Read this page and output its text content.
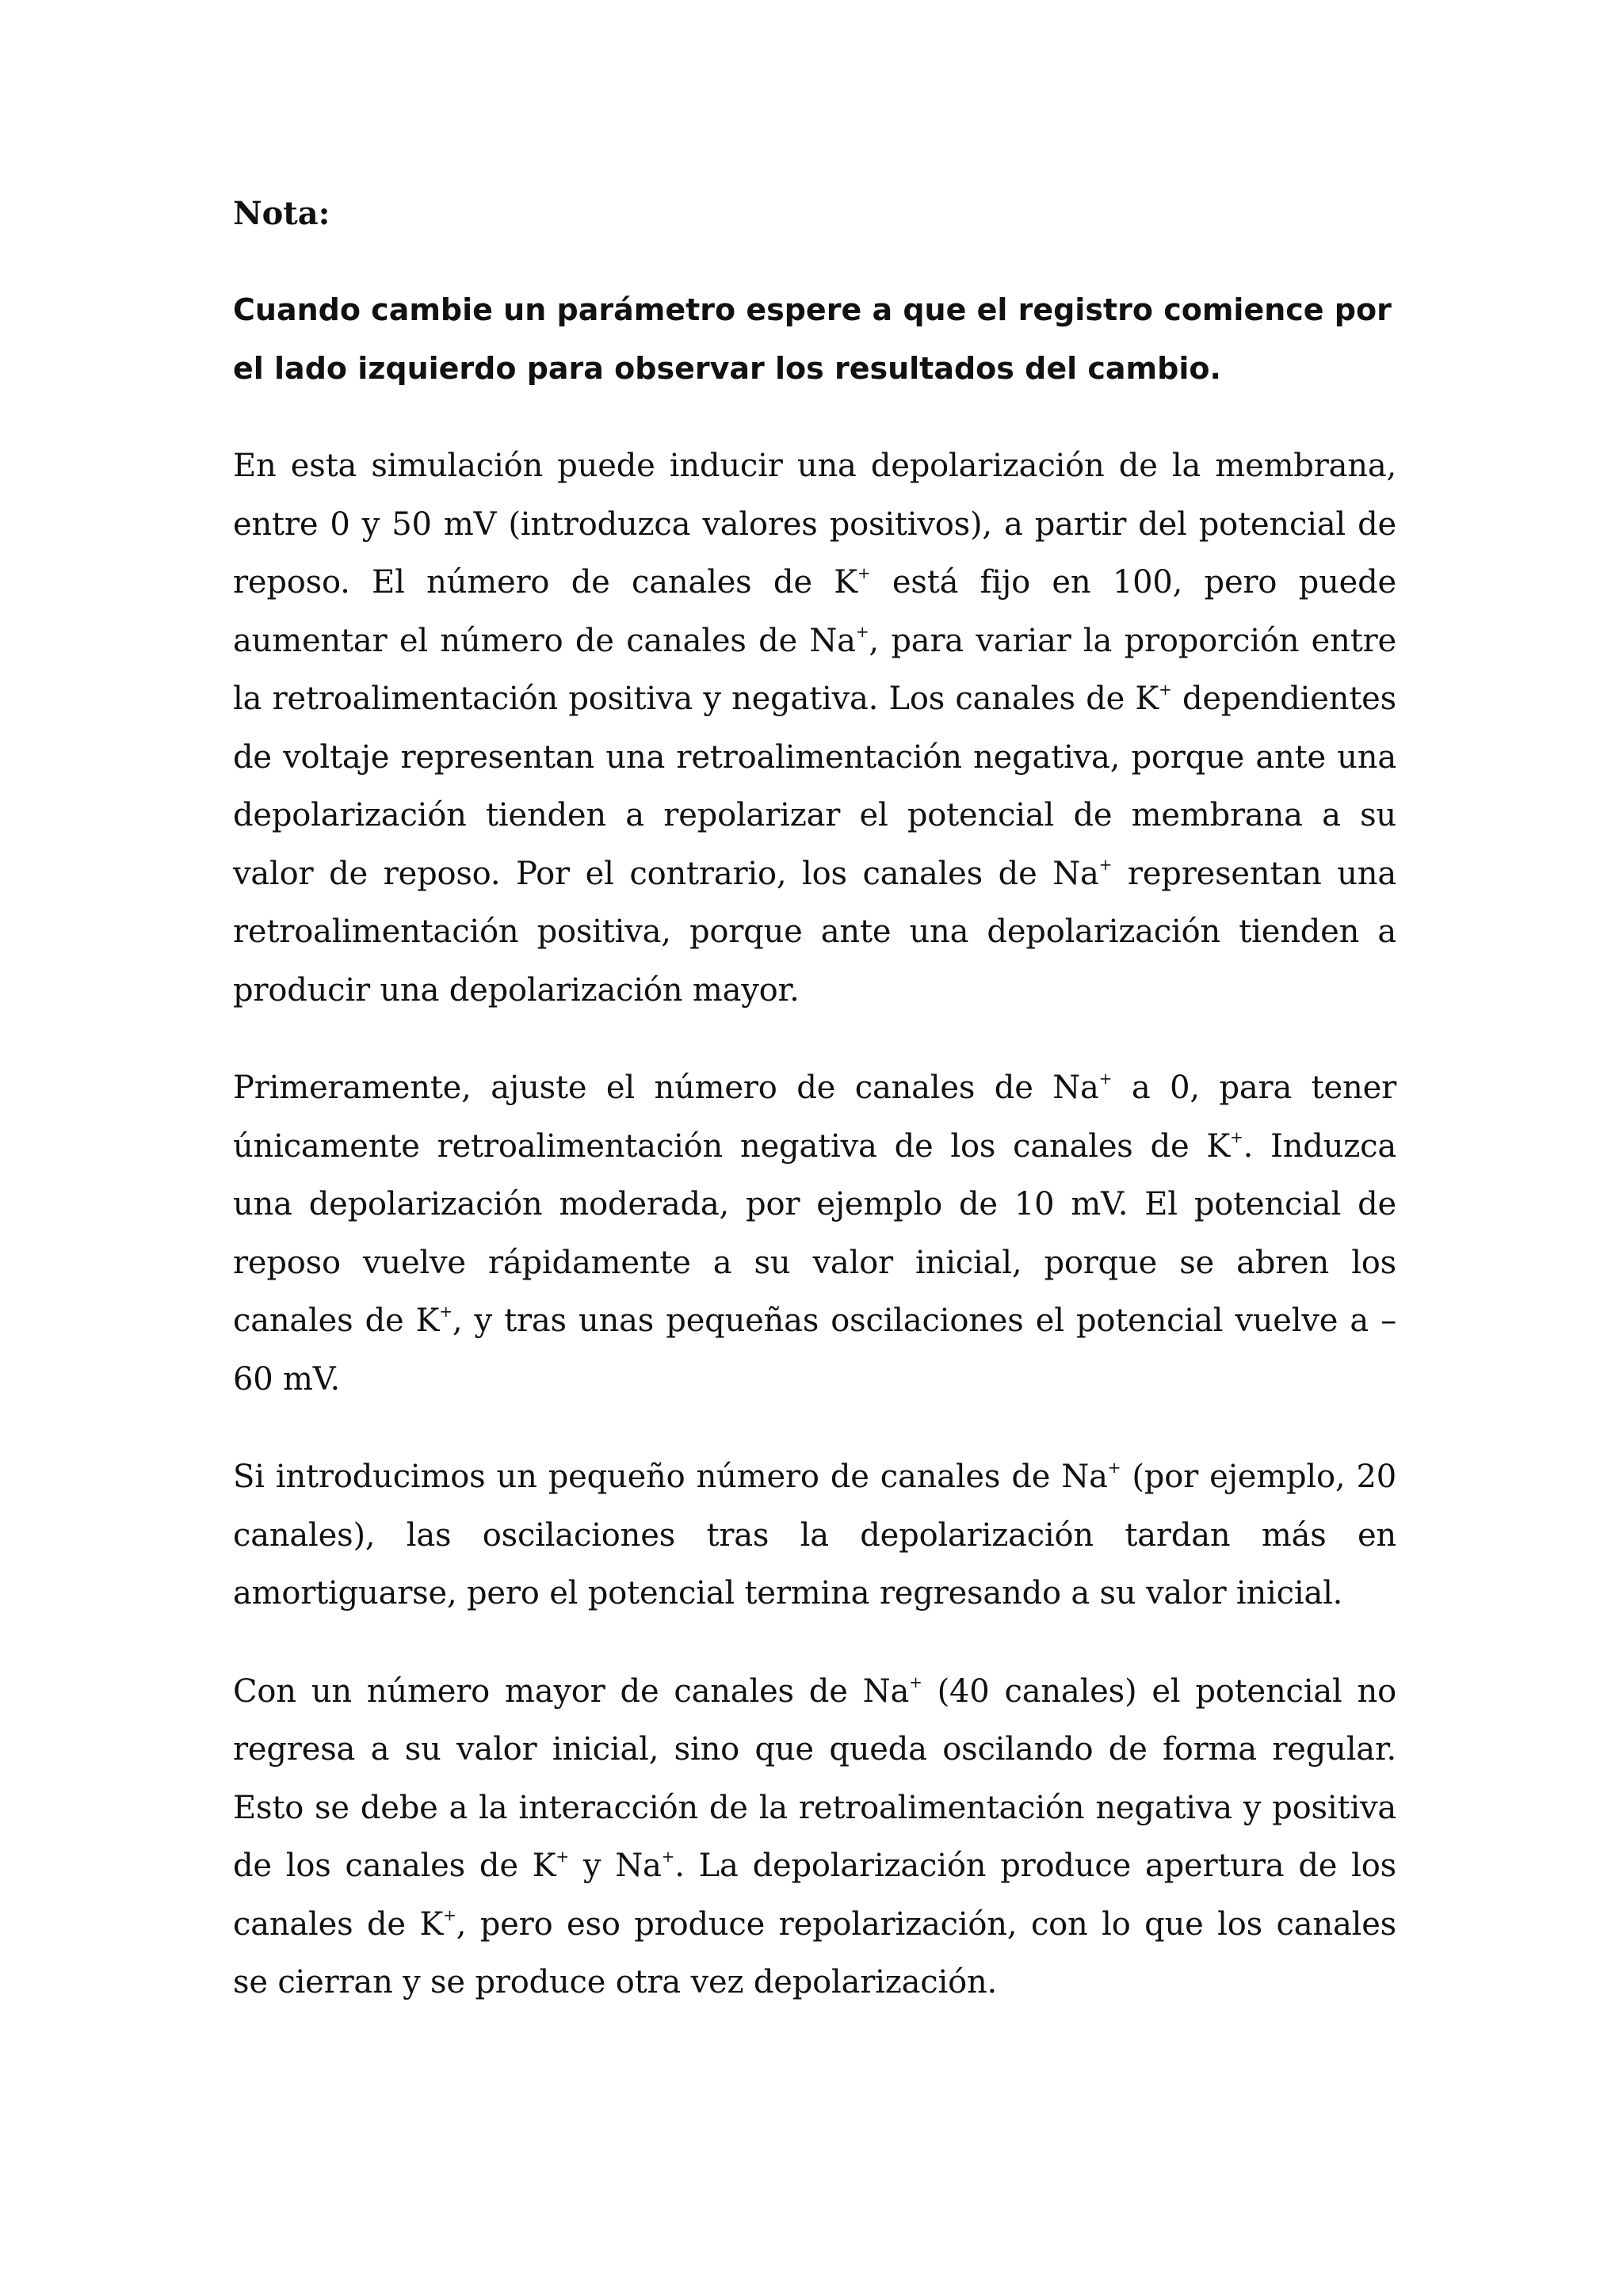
Nota:
Cuando cambie un parámetro espere a que el registro comience por el lado izquierdo para observar los resultados del cambio.

En esta simulación puede inducir una depolarización de la membrana, entre 0 y 50 mV (introduzca valores positivos), a partir del potencial de reposo. El número de canales de K+ está fijo en 100, pero puede aumentar el número de canales de Na+, para variar la proporción entre la retroalimentación positiva y negativa. Los canales de K+ dependientes de voltaje representan una retroalimentación negativa, porque ante una depolarización tienden a repolarizar el potencial de membrana a su valor de reposo. Por el contrario, los canales de Na+ representan una retroalimentación positiva, porque ante una depolarización tienden a producir una depolarización mayor.

Primeramente, ajuste el número de canales de Na+ a 0, para tener únicamente retroalimentación negativa de los canales de K+. Induzca una depolarización moderada, por ejemplo de 10 mV. El potencial de reposo vuelve rápidamente a su valor inicial, porque se abren los canales de K+, y tras unas pequeñas oscilaciones el potencial vuelve a –60 mV.

Si introducimos un pequeño número de canales de Na+ (por ejemplo, 20 canales), las oscilaciones tras la depolarización tardan más en amortiguarse, pero el potencial termina regresando a su valor inicial.

Con un número mayor de canales de Na+ (40 canales) el potencial no regresa a su valor inicial, sino que queda oscilando de forma regular. Esto se debe a la interacción de la retroalimentación negativa y positiva de los canales de K+ y Na+. La depolarización produce apertura de los canales de K+, pero eso produce repolarización, con lo que los canales se cierran y se produce otra vez depolarización.
